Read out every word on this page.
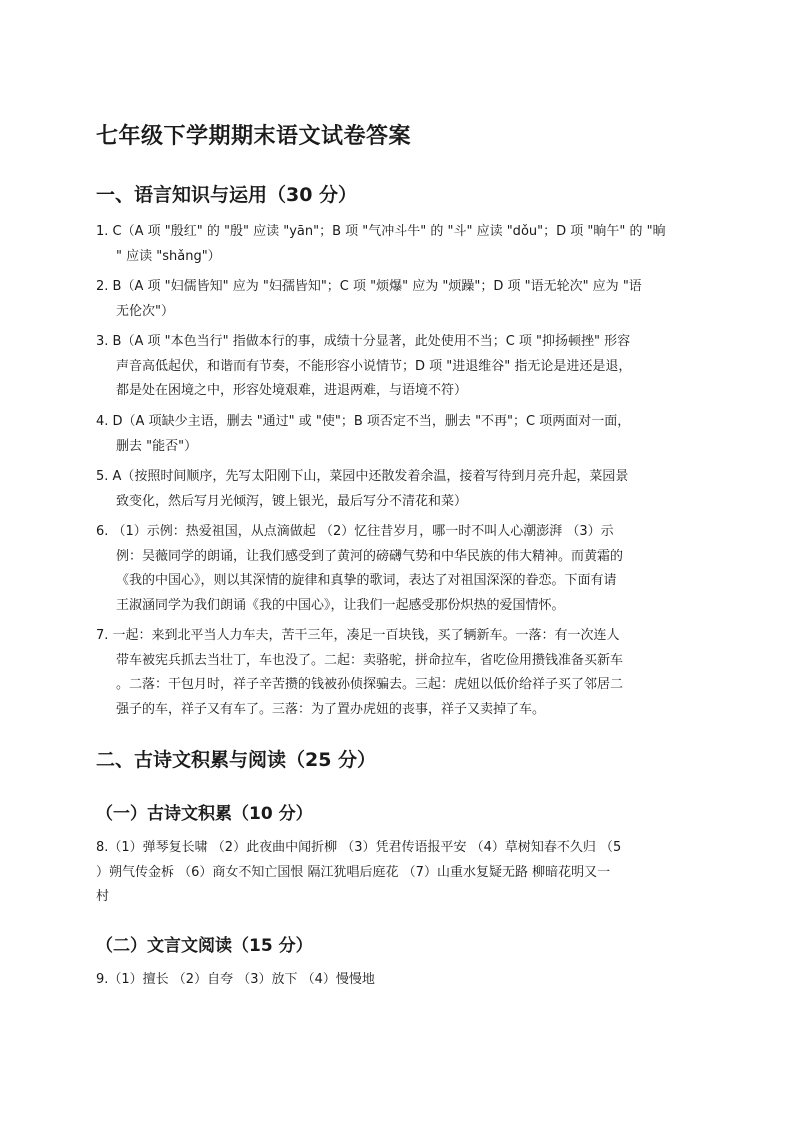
七年级下学期期末语文试卷答案
一、语言知识与运用（30 分）
1. C（A 项 "殷红" 的 "殷" 应读 "yān"；B 项 "气冲斗牛" 的 "斗" 应读 "dǒu"；D 项 "晌午" 的 "晌
" 应读 "shǎng"）
2. B（A 项 "妇儒皆知" 应为 "妇孺皆知"；C 项 "烦爆" 应为 "烦躁"；D 项 "语无轮次" 应为 "语
无伦次"）
3. B（A 项 "本色当行" 指做本行的事，成绩十分显著，此处使用不当；C 项 "抑扬顿挫" 形容
声音高低起伏，和谐而有节奏，不能形容小说情节；D 项 "进退维谷" 指无论是进还是退，
都是处在困境之中，形容处境艰难，进退两难，与语境不符）
4. D（A 项缺少主语，删去 "通过" 或 "使"；B 项否定不当，删去 "不再"；C 项两面对一面，
删去 "能否"）
5. A（按照时间顺序，先写太阳刚下山，菜园中还散发着余温，接着写待到月亮升起，菜园景
致变化，然后写月光倾泻，镀上银光，最后写分不清花和菜）
6. （1）示例：热爱祖国，从点滴做起 （2）忆往昔岁月，哪一时不叫人心潮澎湃 （3）示
例：吴薇同学的朗诵，让我们感受到了黄河的磅礴气势和中华民族的伟大精神。而黄霜的
《我的中国心》，则以其深情的旋律和真挚的歌词，表达了对祖国深深的眷恋。下面有请
王淑涵同学为我们朗诵《我的中国心》，让我们一起感受那份炽热的爱国情怀。
7. 一起：来到北平当人力车夫，苦干三年，凑足一百块钱，买了辆新车。一落：有一次连人
带车被宪兵抓去当壮丁，车也没了。二起：卖骆驼，拼命拉车，省吃俭用攒钱准备买新车
。二落：干包月时，祥子辛苦攒的钱被孙侦探骗去。三起：虎妞以低价给祥子买了邻居二
强子的车，祥子又有车了。三落：为了置办虎妞的丧事，祥子又卖掉了车。
二、古诗文积累与阅读（25 分）
（一）古诗文积累（10 分）
8.（1）弹琴复长啸 （2）此夜曲中闻折柳 （3）凭君传语报平安 （4）草树知春不久归 （5
）朔气传金柝 （6）商女不知亡国恨 隔江犹唱后庭花 （7）山重水复疑无路 柳暗花明又一
村
（二）文言文阅读（15 分）
9.（1）擅长 （2）自夸 （3）放下 （4）慢慢地
